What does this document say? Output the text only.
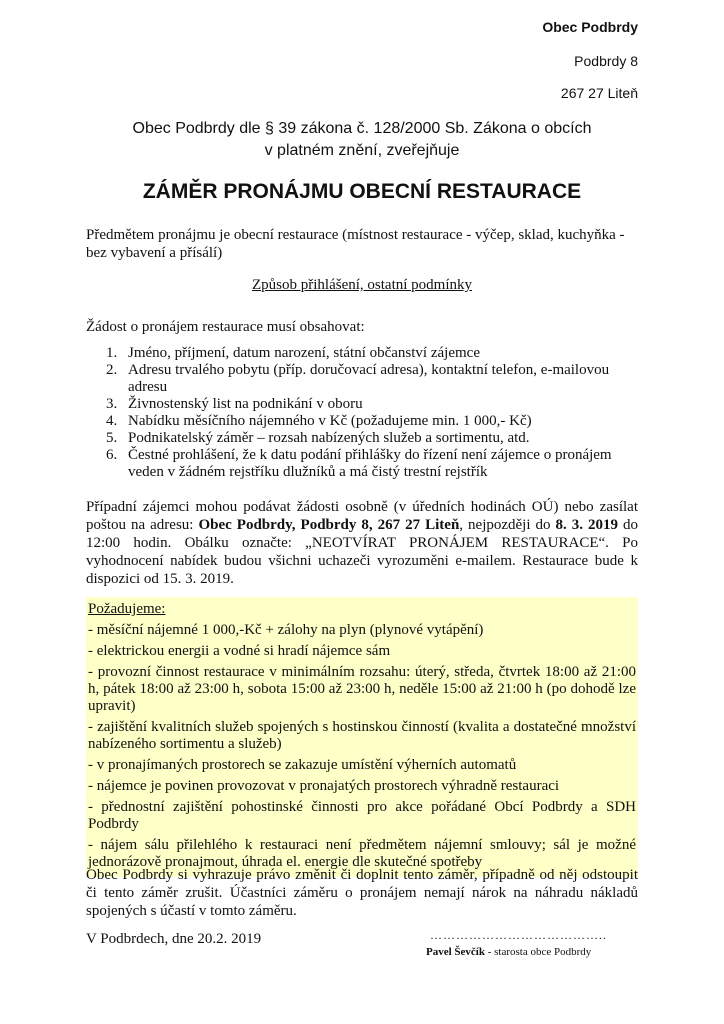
Obec Podbrdy
Podbrdy 8
267 27 Liteň
Obec Podbrdy dle § 39 zákona č. 128/2000 Sb. Zákona o obcích
v platném znění, zveřejňuje
ZÁMĚR PRONÁJMU OBECNÍ RESTAURACE
Předmětem pronájmu je obecní restaurace (místnost restaurace - výčep, sklad, kuchyňka - bez vybavení a přísálí)
Způsob přihlášení, ostatní podmínky
Žádost o pronájem restaurace musí obsahovat:
1. Jméno, příjmení, datum narození, státní občanství zájemce
2. Adresu trvalého pobytu (příp. doručovací adresa), kontaktní telefon, e-mailovou adresu
3. Živnostenský list na podnikání v oboru
4. Nabídku měsíčního nájemného v Kč (požadujeme min. 1 000,- Kč)
5. Podnikatelský záměr – rozsah nabízených služeb a sortimentu, atd.
6. Čestné prohlášení, že k datu podání přihlášky do řízení není zájemce o pronájem veden v žádném rejstříku dlužníků a má čistý trestní rejstřík
Případní zájemci mohou podávat žádosti osobně (v úředních hodinách OÚ) nebo zasílat poštou na adresu: Obec Podbrdy, Podbrdy 8, 267 27 Liteň, nejpozději do 8. 3. 2019 do 12:00 hodin. Obálku označte: „NEOTVÍRAT PRONÁJEM RESTAURACE“. Po vyhodnocení nabídek budou všichni uchazeči vyrozuměni e-mailem. Restaurace bude k dispozici od 15. 3. 2019.
Požadujeme:
- měsíční nájemné 1 000,-Kč + zálohy na plyn (plynové vytápění)
- elektrickou energii a vodné si hradí nájemce sám
- provozní činnost restaurace v minimálním rozsahu: úterý, středa, čtvrtek 18:00 až 21:00 h, pátek 18:00 až 23:00 h, sobota 15:00 až 23:00 h, neděle 15:00 až 21:00 h (po dohodě lze upravit)
- zajištění kvalitních služeb spojených s hostinskou činností (kvalita a dostatečné množství nabízeného sortimentu a služeb)
- v pronajímaných prostorech se zakazuje umístění výherních automatů
- nájemce je povinen provozovat v pronajatých prostorech výhradně restauraci
- přednostní zajištění pohostinské činnosti pro akce pořádané Obcí Podbrdy a SDH Podbrdy
- nájem sálu přilehlého k restauraci není předmětem nájemní smlouvy; sál je možné jednorázově pronajmout, úhrada el. energie dle skutečné spotřeby
Obec Podbrdy si vyhrazuje právo změnit či doplnit tento záměr, případně od něj odstoupit či tento záměr zrušit. Účastníci záměru o pronájem nemají nárok na náhradu nákladů spojených s účastí v tomto záměru.
V Podbrdech, dne 20.2. 2019	…………………………………..
Pavel Ševčík - starosta obce Podbrdy
